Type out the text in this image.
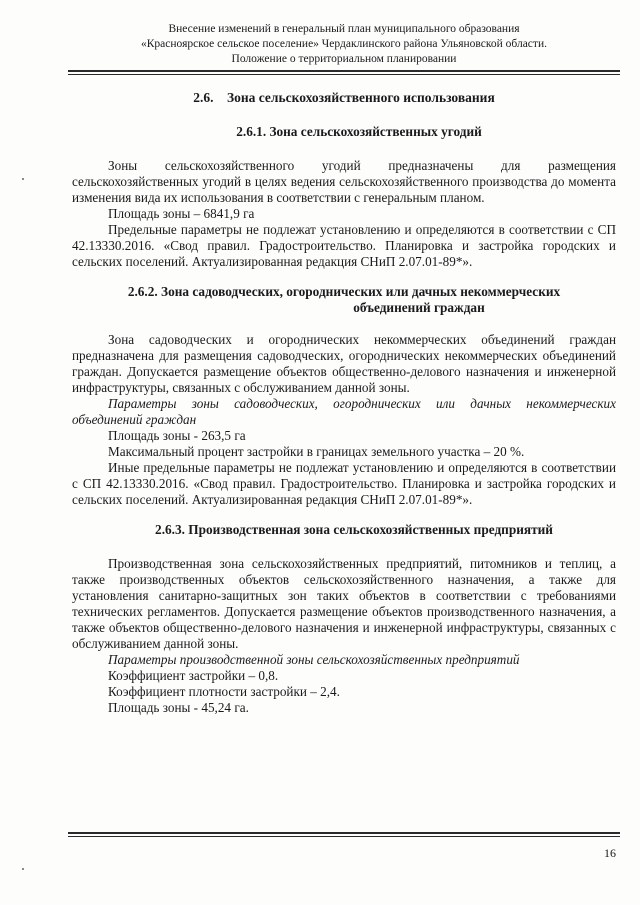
Внесение изменений в генеральный план муниципального образования
«Красноярское сельское поселение» Чердаклинского района Ульяновской области.
Положение о территориальном планировании
2.6.    Зона сельскохозяйственного использования
2.6.1. Зона сельскохозяйственных угодий

Зоны сельскохозяйственного угодий предназначены для размещения сельскохозяйственных угодий в целях ведения сельскохозяйственного производства до момента изменения вида их использования в соответствии с генеральным планом.

Площадь зоны – 6841,9 га

Предельные параметры не подлежат установлению и определяются в соответствии с СП 42.13330.2016. «Свод правил. Градостроительство. Планировка и застройка городских и сельских поселений. Актуализированная редакция СНиП 2.07.01-89*».

2.6.2. Зона садоводческих, огороднических или дачных некоммерческих
объединений граждан

Зона садоводческих и огороднических некоммерческих объединений граждан предназначена для размещения садоводческих, огороднических некоммерческих объединений граждан. Допускается размещение объектов общественно-делового назначения и инженерной инфраструктуры, связанных с обслуживанием данной зоны.

Параметры зоны садоводческих, огороднических или дачных некоммерческих объединений граждан

Площадь зоны - 263,5 га

Максимальный процент застройки в границах земельного участка – 20 %.

Иные предельные параметры не подлежат установлению и определяются в соответствии с СП 42.13330.2016. «Свод правил. Градостроительство. Планировка и застройка городских и сельских поселений. Актуализированная редакция СНиП 2.07.01-89*».

2.6.3. Производственная зона сельскохозяйственных предприятий

Производственная зона сельскохозяйственных предприятий, питомников и теплиц, а также производственных объектов сельскохозяйственного назначения, а также для установления санитарно-защитных зон таких объектов в соответствии с требованиями технических регламентов. Допускается размещение объектов производственного назначения, а также объектов общественно-делового назначения и инженерной инфраструктуры, связанных с обслуживанием данной зоны.

Параметры производственной зоны сельскохозяйственных предприятий

Коэффициент застройки – 0,8.

Коэффициент плотности застройки – 2,4.

Площадь зоны - 45,24 га.

16
